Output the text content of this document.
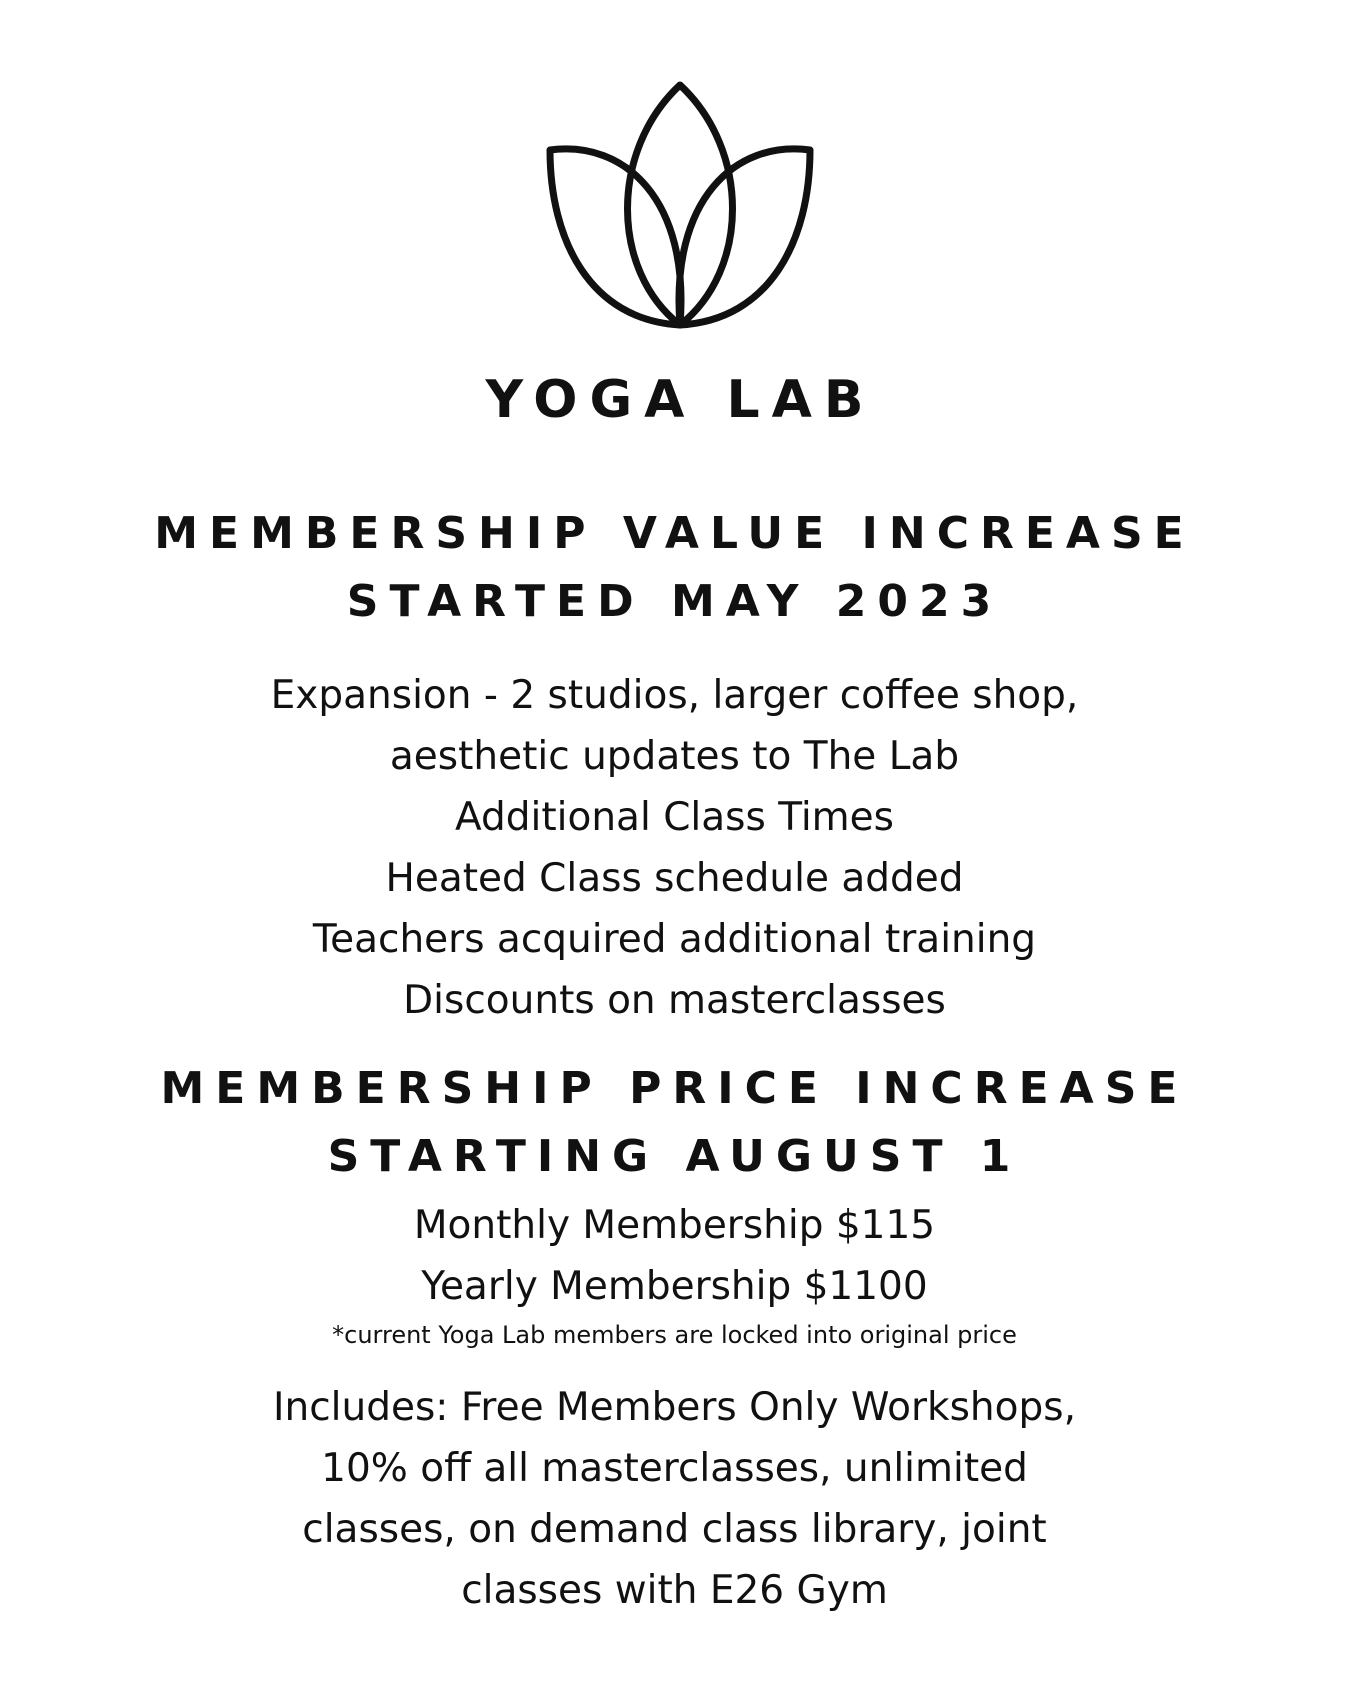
YOGA LAB
MEMBERSHIP VALUE INCREASE
STARTED MAY 2023
Expansion - 2 studios, larger coffee shop,
aesthetic updates to The Lab
Additional Class Times
Heated Class schedule added
Teachers acquired additional training
Discounts on masterclasses
MEMBERSHIP PRICE INCREASE
STARTING AUGUST 1
Monthly Membership $115
Yearly Membership $1100
*current Yoga Lab members are locked into original price
Includes: Free Members Only Workshops,
10% off all masterclasses, unlimited
classes, on demand class library, joint
classes with E26 Gym
